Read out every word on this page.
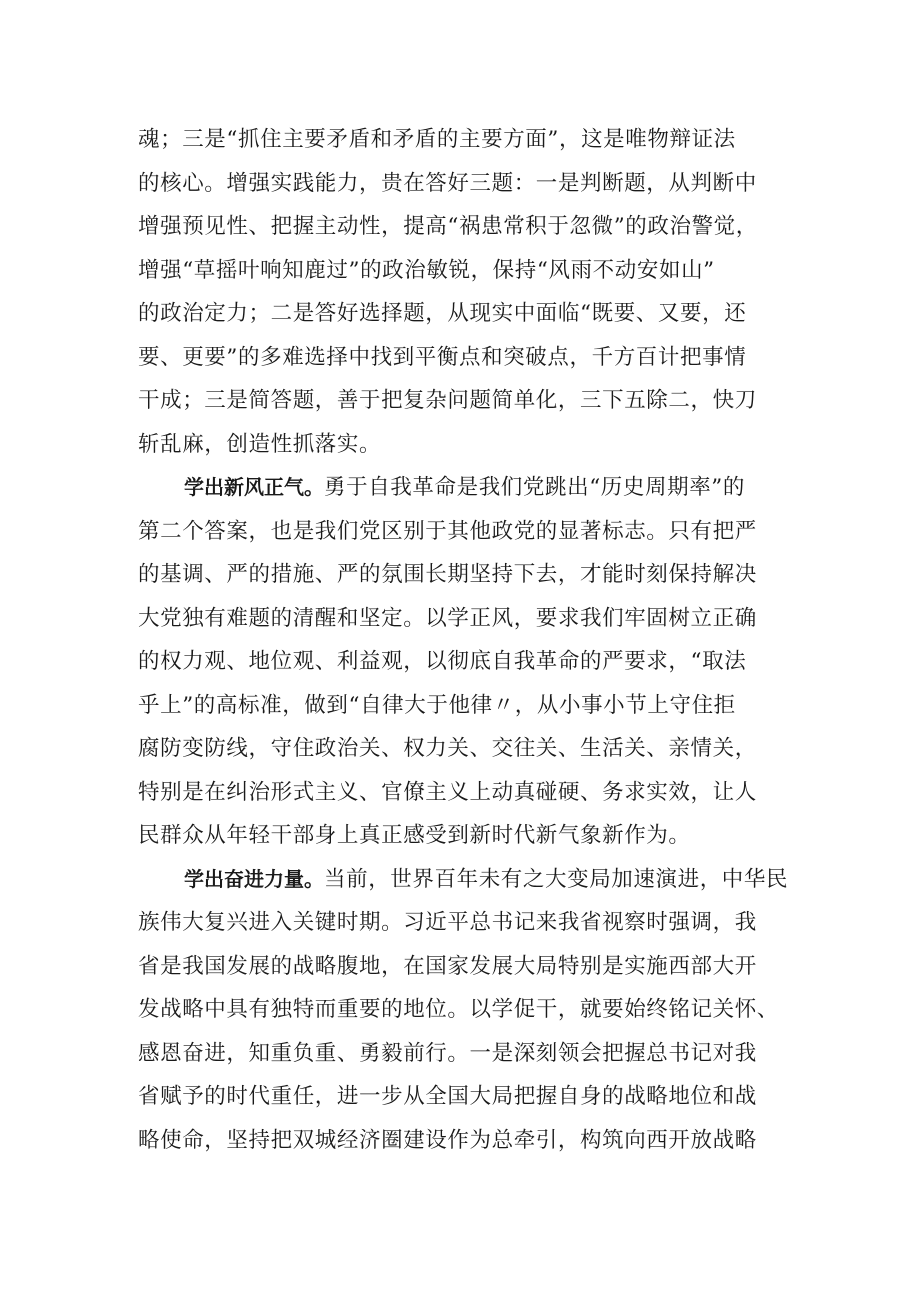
魂；三是“抓住主要矛盾和矛盾的主要方面”，这是唯物辩证法
的核心。增强实践能力，贵在答好三题：一是判断题，从判断中
增强预见性、把握主动性，提高“祸患常积于忽微”的政治警觉，
增强“草摇叶响知鹿过”的政治敏锐，保持“风雨不动安如山”
的政治定力；二是答好选择题，从现实中面临“既要、又要，还
要、更要”的多难选择中找到平衡点和突破点，千方百计把事情
干成；三是简答题，善于把复杂问题简单化，三下五除二，快刀
斩乱麻，创造性抓落实。
学出新风正气。勇于自我革命是我们党跳出“历史周期率”的
第二个答案，也是我们党区别于其他政党的显著标志。只有把严
的基调、严的措施、严的氛围长期坚持下去，才能时刻保持解决
大党独有难题的清醒和坚定。以学正风，要求我们牢固树立正确
的权力观、地位观、利益观，以彻底自我革命的严要求，“取法
乎上”的高标准，做到“自律大于他律〃，从小事小节上守住拒
腐防变防线，守住政治关、权力关、交往关、生活关、亲情关，
特别是在纠治形式主义、官僚主义上动真碰硬、务求实效，让人
民群众从年轻干部身上真正感受到新时代新气象新作为。
学出奋进力量。当前，世界百年未有之大变局加速演进，中华民
族伟大复兴进入关键时期。习近平总书记来我省视察时强调，我
省是我国发展的战略腹地，在国家发展大局特别是实施西部大开
发战略中具有独特而重要的地位。以学促干，就要始终铭记关怀、
感恩奋进，知重负重、勇毅前行。一是深刻领会把握总书记对我
省赋予的时代重任，进一步从全国大局把握自身的战略地位和战
略使命，坚持把双城经济圈建设作为总牵引，构筑向西开放战略
